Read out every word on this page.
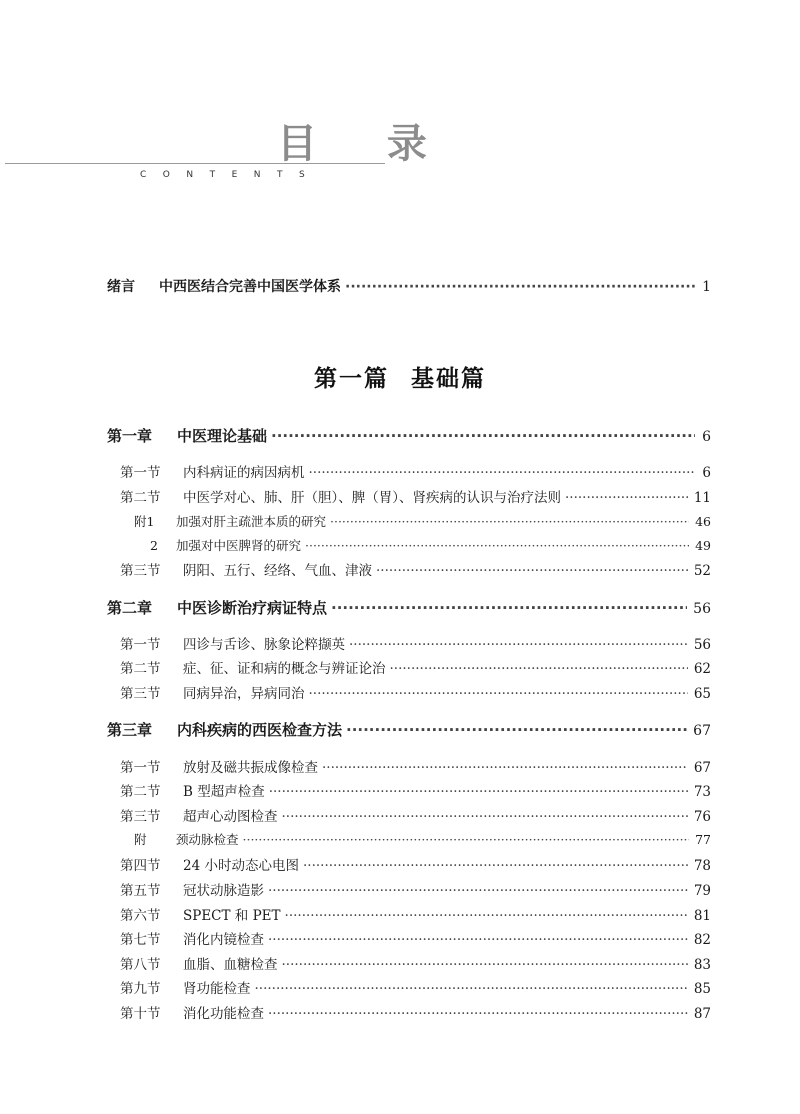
目 录
CONTENTS
绪言	中西医结合完善中国医学体系 ·····	1
第一篇 基础篇
第一章	中医理论基础 ·····	6
第一节	内科病证的病因病机 ·····	6
第二节	中医学对心、肺、肝（胆）、脾（胃）、肾疾病的认识与治疗法则 ·····	11
附1	加强对肝主疏泄本质的研究 ·····	46
2	加强对中医脾肾的研究 ·····	49
第三节	阴阳、五行、经络、气血、津液 ·····	52
第二章	中医诊断治疗病证特点 ·····	56
第一节	四诊与舌诊、脉象论粹撷英 ·····	56
第二节	症、征、证和病的概念与辨证论治 ·····	62
第三节	同病异治，异病同治 ·····	65
第三章	内科疾病的西医检查方法 ·····	67
第一节	放射及磁共振成像检查 ·····	67
第二节	B 型超声检查 ·····	73
第三节	超声心动图检查 ·····	76
附	颈动脉检查 ·····	77
第四节	24 小时动态心电图 ·····	78
第五节	冠状动脉造影 ·····	79
第六节	SPECT 和 PET ·····	81
第七节	消化内镜检查 ·····	82
第八节	血脂、血糖检查 ·····	83
第九节	肾功能检查 ·····	85
第十节	消化功能检查 ·····	87
